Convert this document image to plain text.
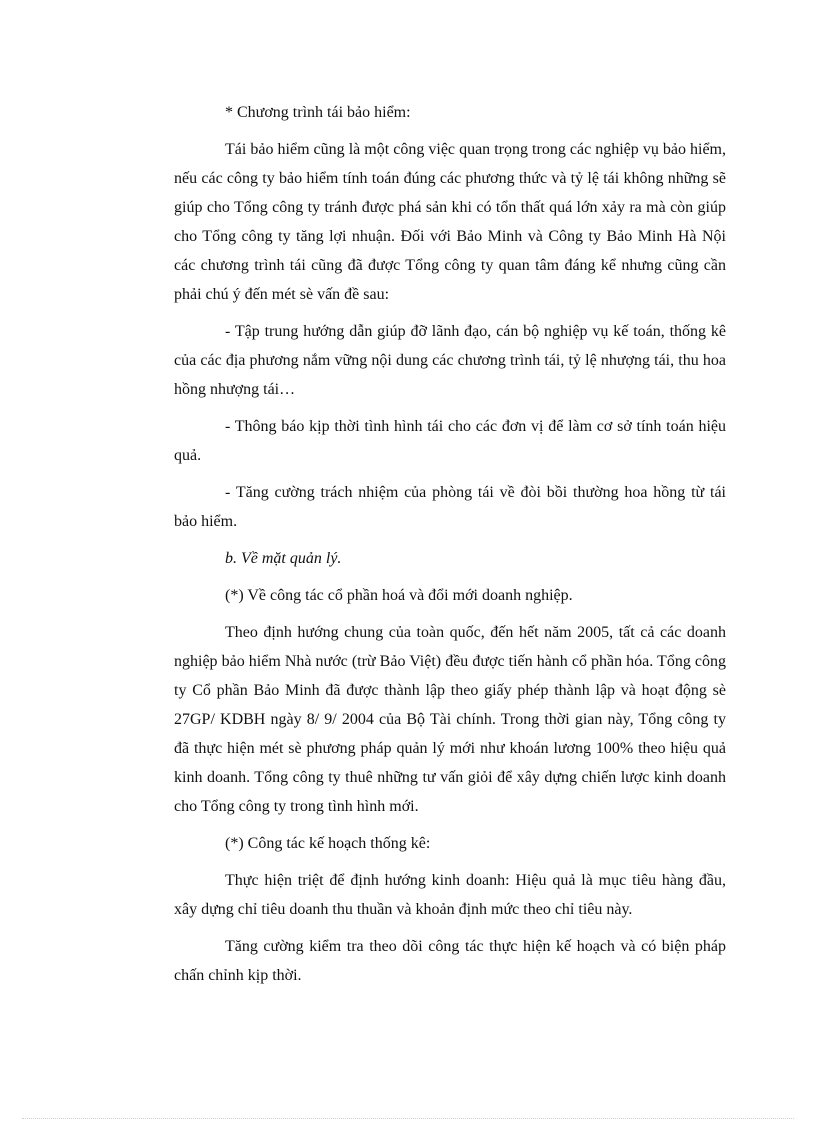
* Chương trình tái bảo hiểm:

Tái bảo hiểm cũng là một công việc quan trọng trong các nghiệp vụ bảo hiểm, nếu các công ty bảo hiểm tính toán đúng các phương thức và tỷ lệ tái không những sẽ giúp cho Tổng công ty tránh được phá sản khi có tổn thất quá lớn xảy ra mà còn giúp cho Tổng công ty tăng lợi nhuận. Đối với Bảo Minh và Công ty Bảo Minh Hà Nội các chương trình tái cũng đã được Tổng công ty quan tâm đáng kể nhưng cũng cần phải chú ý đến mét sè vấn đề sau:

- Tập trung hướng dẫn giúp đỡ lãnh đạo, cán bộ nghiệp vụ kế toán, thống kê của các địa phương nắm vững nội dung các chương trình tái, tỷ lệ nhượng tái, thu hoa hồng nhượng tái…

- Thông báo kịp thời tình hình tái cho các đơn vị để làm cơ sở tính toán hiệu quả.

- Tăng cường trách nhiệm của phòng tái về đòi bồi thường hoa hồng từ tái bảo hiểm.

b. Về mặt quản lý.

(*) Về công tác cổ phần hoá và đổi mới doanh nghiệp.

Theo định hướng chung của toàn quốc, đến hết năm 2005, tất cả các doanh nghiệp bảo hiểm Nhà nước (trừ Bảo Việt) đều được tiến hành cổ phần hóa. Tổng công ty Cổ phần Bảo Minh đã được thành lập theo giấy phép thành lập và hoạt động sè 27GP/ KDBH ngày 8/ 9/ 2004 của Bộ Tài chính. Trong thời gian này, Tổng công ty đã thực hiện mét sè phương pháp quản lý mới như khoán lương 100% theo hiệu quả kinh doanh. Tổng công ty thuê những tư vấn giỏi để xây dựng chiến lược kinh doanh cho Tổng công ty trong tình hình mới.

(*) Công tác kế hoạch thống kê:

Thực hiện triệt để định hướng kinh doanh: Hiệu quả là mục tiêu hàng đầu, xây dựng chỉ tiêu doanh thu thuần và khoản định mức theo chỉ tiêu này.

Tăng cường kiểm tra theo dõi công tác thực hiện kế hoạch và có biện pháp chấn chỉnh kịp thời.
